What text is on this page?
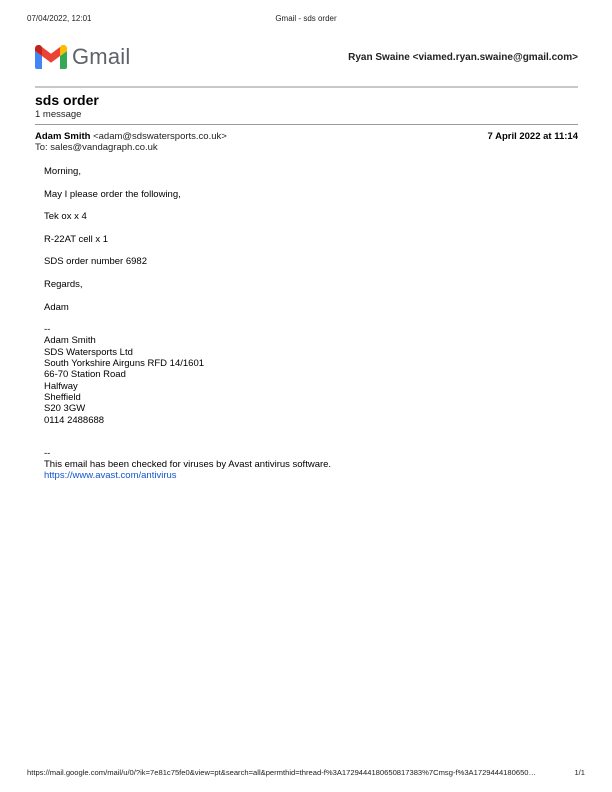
07/04/2022, 12:01	Gmail - sds order
Gmail	Ryan Swaine <viamed.ryan.swaine@gmail.com>
sds order
1 message
Adam Smith <adam@sdswatersports.co.uk>	7 April 2022 at 11:14
To: sales@vandagraph.co.uk

Morning,

May I please order the following,

Tek ox x 4

R-22AT cell x 1

SDS order number 6982

Regards,

Adam

--
Adam Smith
SDS Watersports Ltd
South Yorkshire Airguns RFD 14/1601
66-70 Station Road
Halfway
Sheffield
S20 3GW
0114 2488688
--
This email has been checked for viruses by Avast antivirus software.
https://www.avast.com/antivirus
https://mail.google.com/mail/u/0/?ik=7e81c75fe0&view=pt&search=all&permthid=thread-f%3A1729444180650817383%7Cmsg-f%3A1729444180650…	1/1
